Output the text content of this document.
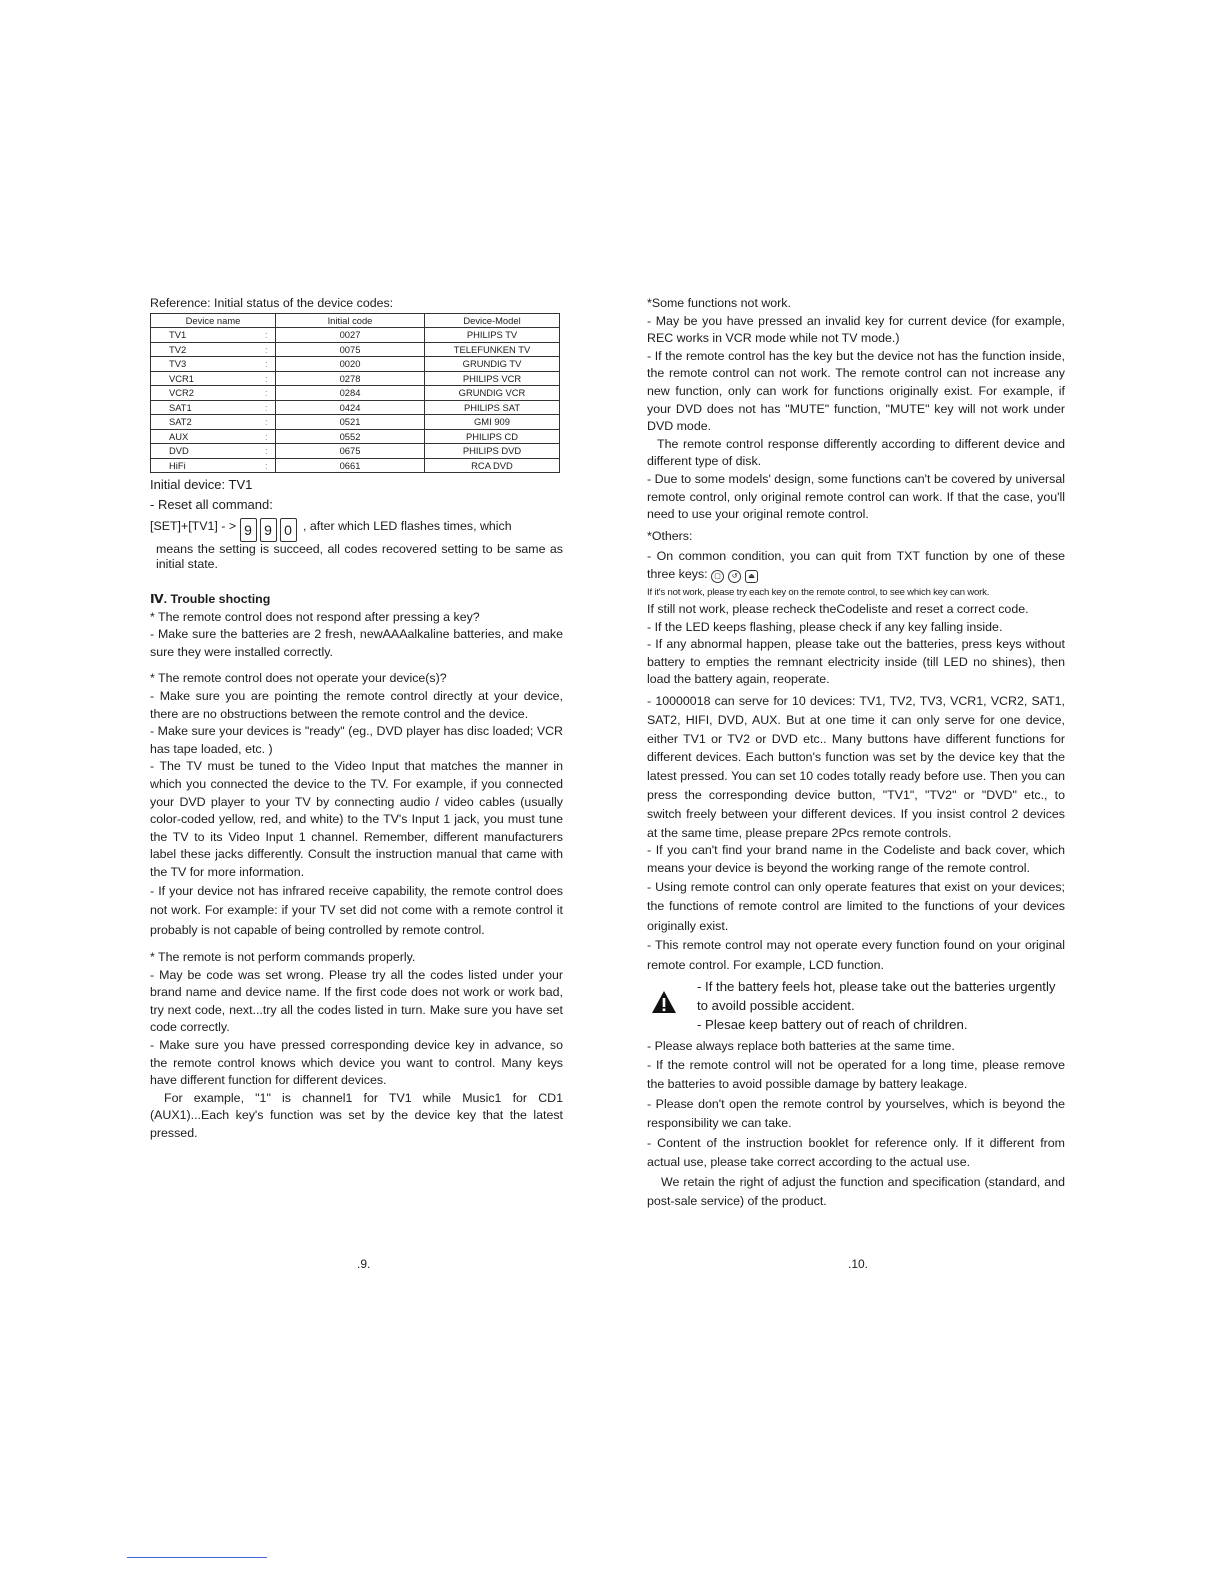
Reference: Initial status of the device codes:

Device name		Initial code	Device-Model
TV1	:	0027	PHILIPS TV
TV2	:	0075	TELEFUNKEN TV
TV3	:	0020	GRUNDIG TV
VCR1	:	0278	PHILIPS VCR
VCR2	:	0284	GRUNDIG VCR
SAT1	:	0424	PHILIPS SAT
SAT2	:	0521	GMI 909
AUX	:	0552	PHILIPS CD
DVD	:	0675	PHILIPS DVD
HiFi	:	0661	RCA DVD

Initial device: TV1

- Reset all command:

[SET]+[TV1] - > 9 9 0 , after which LED flashes times, which

means the setting is succeed, all codes recovered setting to be same as initial state.

Ⅳ. Trouble shocting

* The remote control does not respond after pressing a key?

- Make sure the batteries are 2 fresh, newAAAalkaline batteries, and make sure they were installed correctly.

* The remote control does not operate your device(s)?

- Make sure you are pointing the remote control directly at your device, there are no obstructions between the remote control and the device.

- Make sure your devices is "ready" (eg., DVD player has disc loaded; VCR has tape loaded, etc. )

- The TV must be tuned to the Video Input that matches the manner in which you connected the device to the TV. For example, if you connected your DVD player to your TV by connecting audio / video cables (usually color-coded yellow, red, and white) to the TV's Input 1 jack, you must tune the TV to its Video Input 1 channel. Remember, different manufacturers label these jacks differently. Consult the instruction manual that came with the TV for more information.

- If your device not has infrared receive capability, the remote control does not work. For example: if your TV set did not come with a remote control it probably is not capable of being controlled by remote control.

* The remote is not perform commands properly.

- May be code was set wrong. Please try all the codes listed under your brand name and device name. If the first code does not work or work bad, try next code, next...try all the codes listed in turn. Make sure you have set code correctly.

- Make sure you have pressed corresponding device key in advance, so the remote control knows which device you want to control. Many keys have different function for different devices.

For example, "1" is channel1 for TV1 while Music1 for CD1 (AUX1)...Each key's function was set by the device key that the latest pressed.

.9.

*Some functions not work.

- May be you have pressed an invalid key for current device (for example, REC works in VCR mode while not TV mode.)

- If the remote control has the key but the device not has the function inside, the remote control can not work. The remote control can not increase any new function, only can work for functions originally exist. For example, if your DVD does not has "MUTE" function, "MUTE" key will not work under DVD mode.

The remote control response differently according to different device and different type of disk.

- Due to some models' design, some functions can't be covered by universal remote control, only original remote control can work. If that the case, you'll need to use your original remote control.

*Others:

- On common condition, you can quit from TXT function by one of these three keys: ▢ ↺ ⏏

If it's not work, please try each key on the remote control, to see which key can work.

If still not work, please recheck theCodeliste and reset a correct code.

- If the LED keeps flashing, please check if any key falling inside.

- If any abnormal happen, please take out the batteries, press keys without battery to empties the remnant electricity inside (till LED no shines), then load the battery again, reoperate.

- 10000018 can serve for 10 devices: TV1, TV2, TV3, VCR1, VCR2, SAT1, SAT2, HIFI, DVD, AUX. But at one time it can only serve for one device, either TV1 or TV2 or DVD etc.. Many buttons have different functions for different devices. Each button's function was set by the device key that the latest pressed. You can set 10 codes totally ready before use. Then you can press the corresponding device button, "TV1", "TV2" or "DVD" etc., to switch freely between your different devices. If you insist control 2 devices at the same time, please prepare 2Pcs remote controls.

- If you can't find your brand name in the Codeliste and back cover, which means your device is beyond the working range of the remote control.

- Using remote control can only operate features that exist on your devices; the functions of remote control are limited to the functions of your devices originally exist.

- This remote control may not operate every function found on your original remote control. For example, LCD function.

- If the battery feels hot, please take out the batteries urgently to avoild possible accident.

- Plesae keep battery out of reach of chrildren.

- Please always replace both batteries at the same time.

- If the remote control will not be operated for a long time, please remove the batteries to avoid possible damage by battery leakage.

- Please don't open the remote control by yourselves, which is beyond the responsibility we can take.

- Content of the instruction booklet for reference only. If it different from actual use, please take correct according to the actual use.

We retain the right of adjust the function and specification (standard, and post-sale service) of the product.

.10.
